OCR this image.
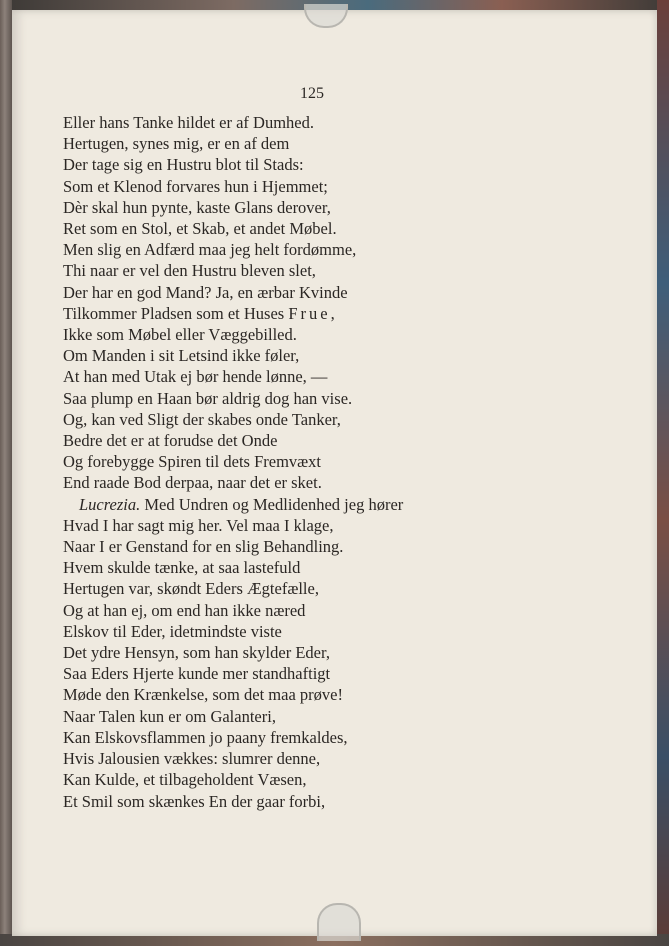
125
Eller hans Tanke hildet er af Dumhed.
Hertugen, synes mig, er en af dem
Der tage sig en Hustru blot til Stads:
Som et Klenod forvares hun i Hjemmet;
Dèr skal hun pynte, kaste Glans derover,
Ret som en Stol, et Skab, et andet Møbel.
Men slig en Adfærd maa jeg helt fordømme,
Thi naar er vel den Hustru bleven slet,
Der har en god Mand? Ja, en ærbar Kvinde
Tilkommer Pladsen som et Huses Frue,
Ikke som Møbel eller Væggebilled.
Om Manden i sit Letsind ikke føler,
At han med Utak ej bør hende lønne, —
Saa plump en Haan bør aldrig dog han vise.
Og, kan ved Sligt der skabes onde Tanker,
Bedre det er at forudse det Onde
Og forebygge Spiren til dets Fremvæxt
End raade Bod derpaa, naar det er sket.
Lucrezia. Med Undren og Medlidenhed jeg hører
Hvad I har sagt mig her. Vel maa I klage,
Naar I er Genstand for en slig Behandling.
Hvem skulde tænke, at saa lastefuld
Hertugen var, skøndt Eders Ægtefælle,
Og at han ej, om end han ikke næred
Elskov til Eder, idetmindste viste
Det ydre Hensyn, som han skylder Eder,
Saa Eders Hjerte kunde mer standhaftigt
Møde den Krænkelse, som det maa prøve!
Naar Talen kun er om Galanteri,
Kan Elskovsflammen jo paany fremkaldes,
Hvis Jalousien vækkes: slumrer denne,
Kan Kulde, et tilbageholdent Væsen,
Et Smil som skænkes En der gaar forbi,
